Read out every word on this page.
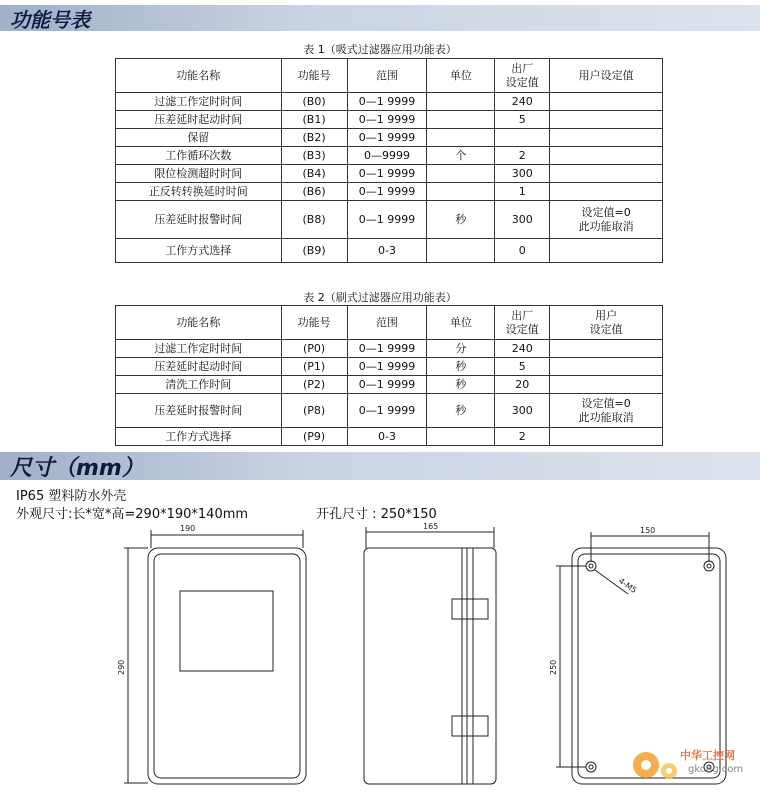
功能号表
表 1（吸式过滤器应用功能表）
功能名称	功能号	范围	单位	出厂
设定值	用户设定值
过滤工作定时时间	(B0)	0—1 9999		240	
压差延时起动时间	(B1)	0—1 9999		5	
保留	(B2)	0—1 9999			
工作循环次数	(B3)	0—9999	个	2	
限位检测超时时间	(B4)	0—1 9999		300	
正反转转换延时时间	(B6)	0—1 9999		1	
压差延时报警时间	(B8)	0—1 9999	秒	300	设定值=0
此功能取消
工作方式选择	(B9)	0-3		0	
表 2（刷式过滤器应用功能表）
功能名称	功能号	范围	单位	出厂
设定值	用户
设定值
过滤工作定时时间	(P0)	0—1 9999	分	240	
压差延时起动时间	(P1)	0—1 9999	秒	5	
清洗工作时间	(P2)	0—1 9999	秒	20	
压差延时报警时间	(P8)	0—1 9999	秒	300	设定值=0
此功能取消
工作方式选择	(P9)	0-3		2	
尺寸（mm）
IP65 塑料防水外壳
外观尺寸:长*宽*高=290*190*140mm	开孔尺寸 : 250*150
190
290
165	150
250
4-M5
中华工控网
gkong.com
